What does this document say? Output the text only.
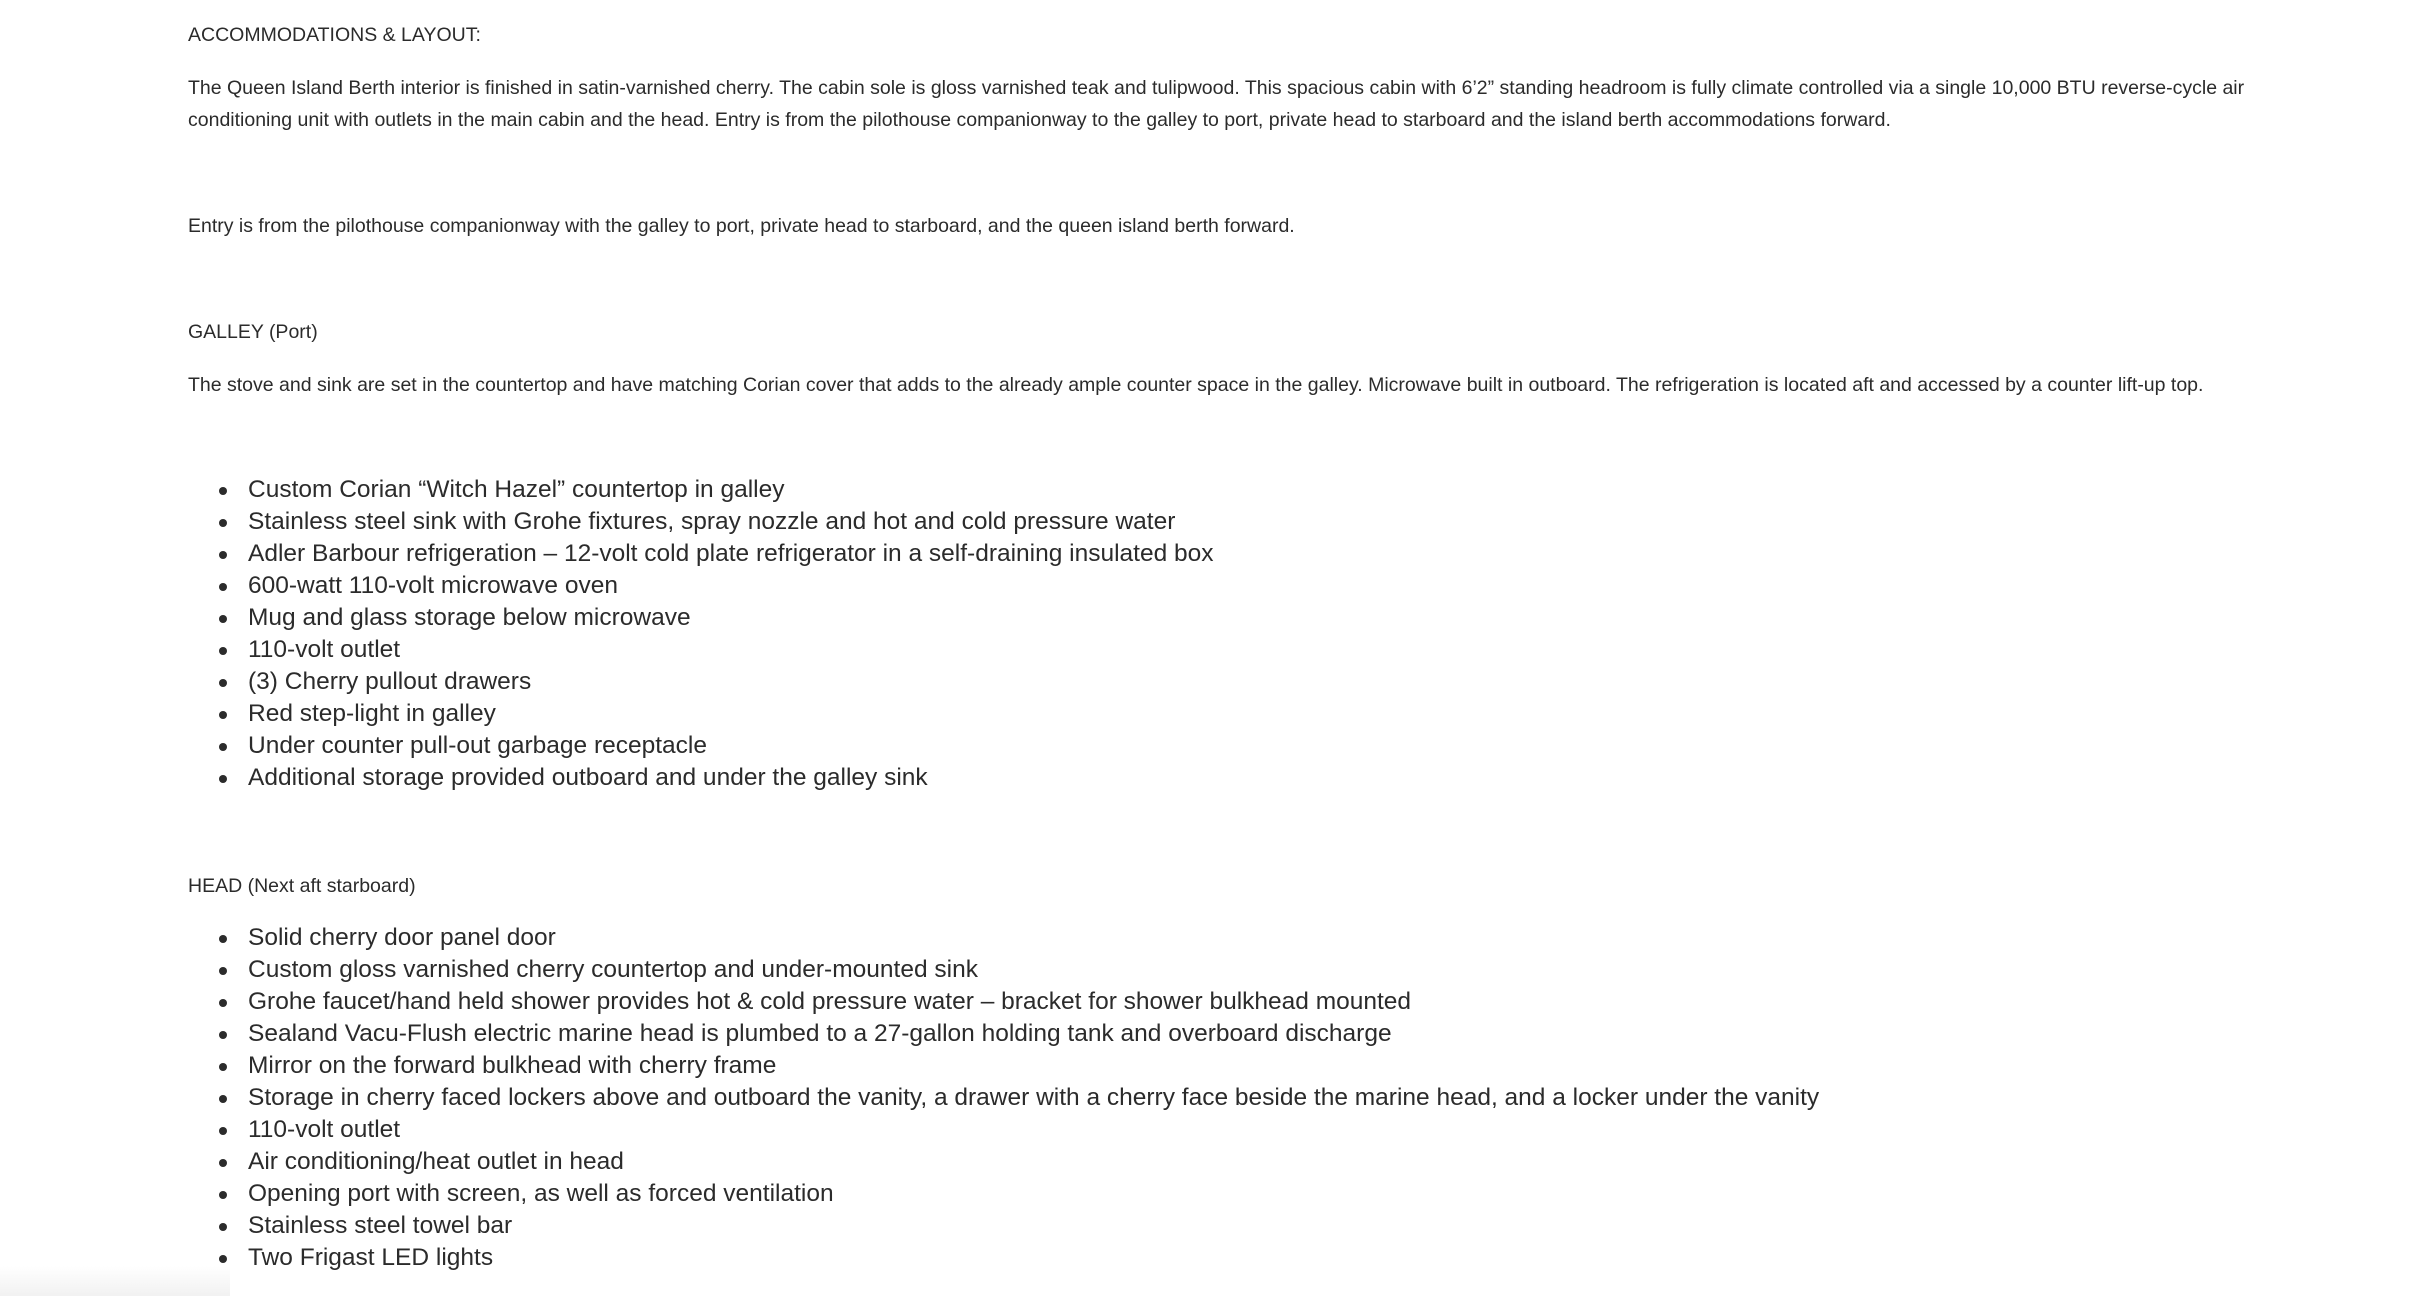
ACCOMMODATIONS & LAYOUT:

The Queen Island Berth interior is finished in satin-varnished cherry. The cabin sole is gloss varnished teak and tulipwood. This spacious cabin with 6’2” standing headroom is fully climate controlled via a single 10,000 BTU reverse-cycle air conditioning unit with outlets in the main cabin and the head. Entry is from the pilothouse companionway to the galley to port, private head to starboard and the island berth accommodations forward.

Entry is from the pilothouse companionway with the galley to port, private head to starboard, and the queen island berth forward.

GALLEY (Port)

The stove and sink are set in the countertop and have matching Corian cover that adds to the already ample counter space in the galley. Microwave built in outboard. The refrigeration is located aft and accessed by a counter lift-up top.

Custom Corian “Witch Hazel” countertop in galley
Stainless steel sink with Grohe fixtures, spray nozzle and hot and cold pressure water
Adler Barbour refrigeration – 12-volt cold plate refrigerator in a self-draining insulated box
600-watt 110-volt microwave oven
Mug and glass storage below microwave
110-volt outlet
(3) Cherry pullout drawers
Red step-light in galley
Under counter pull-out garbage receptacle
Additional storage provided outboard and under the galley sink
HEAD (Next aft starboard)
Solid cherry door panel door
Custom gloss varnished cherry countertop and under-mounted sink
Grohe faucet/hand held shower provides hot & cold pressure water – bracket for shower bulkhead mounted
Sealand Vacu-Flush electric marine head is plumbed to a 27-gallon holding tank and overboard discharge
Mirror on the forward bulkhead with cherry frame
Storage in cherry faced lockers above and outboard the vanity, a drawer with a cherry face beside the marine head, and a locker under the vanity
110-volt outlet
Air conditioning/heat outlet in head
Opening port with screen, as well as forced ventilation
Stainless steel towel bar
Two Frigast LED lights
